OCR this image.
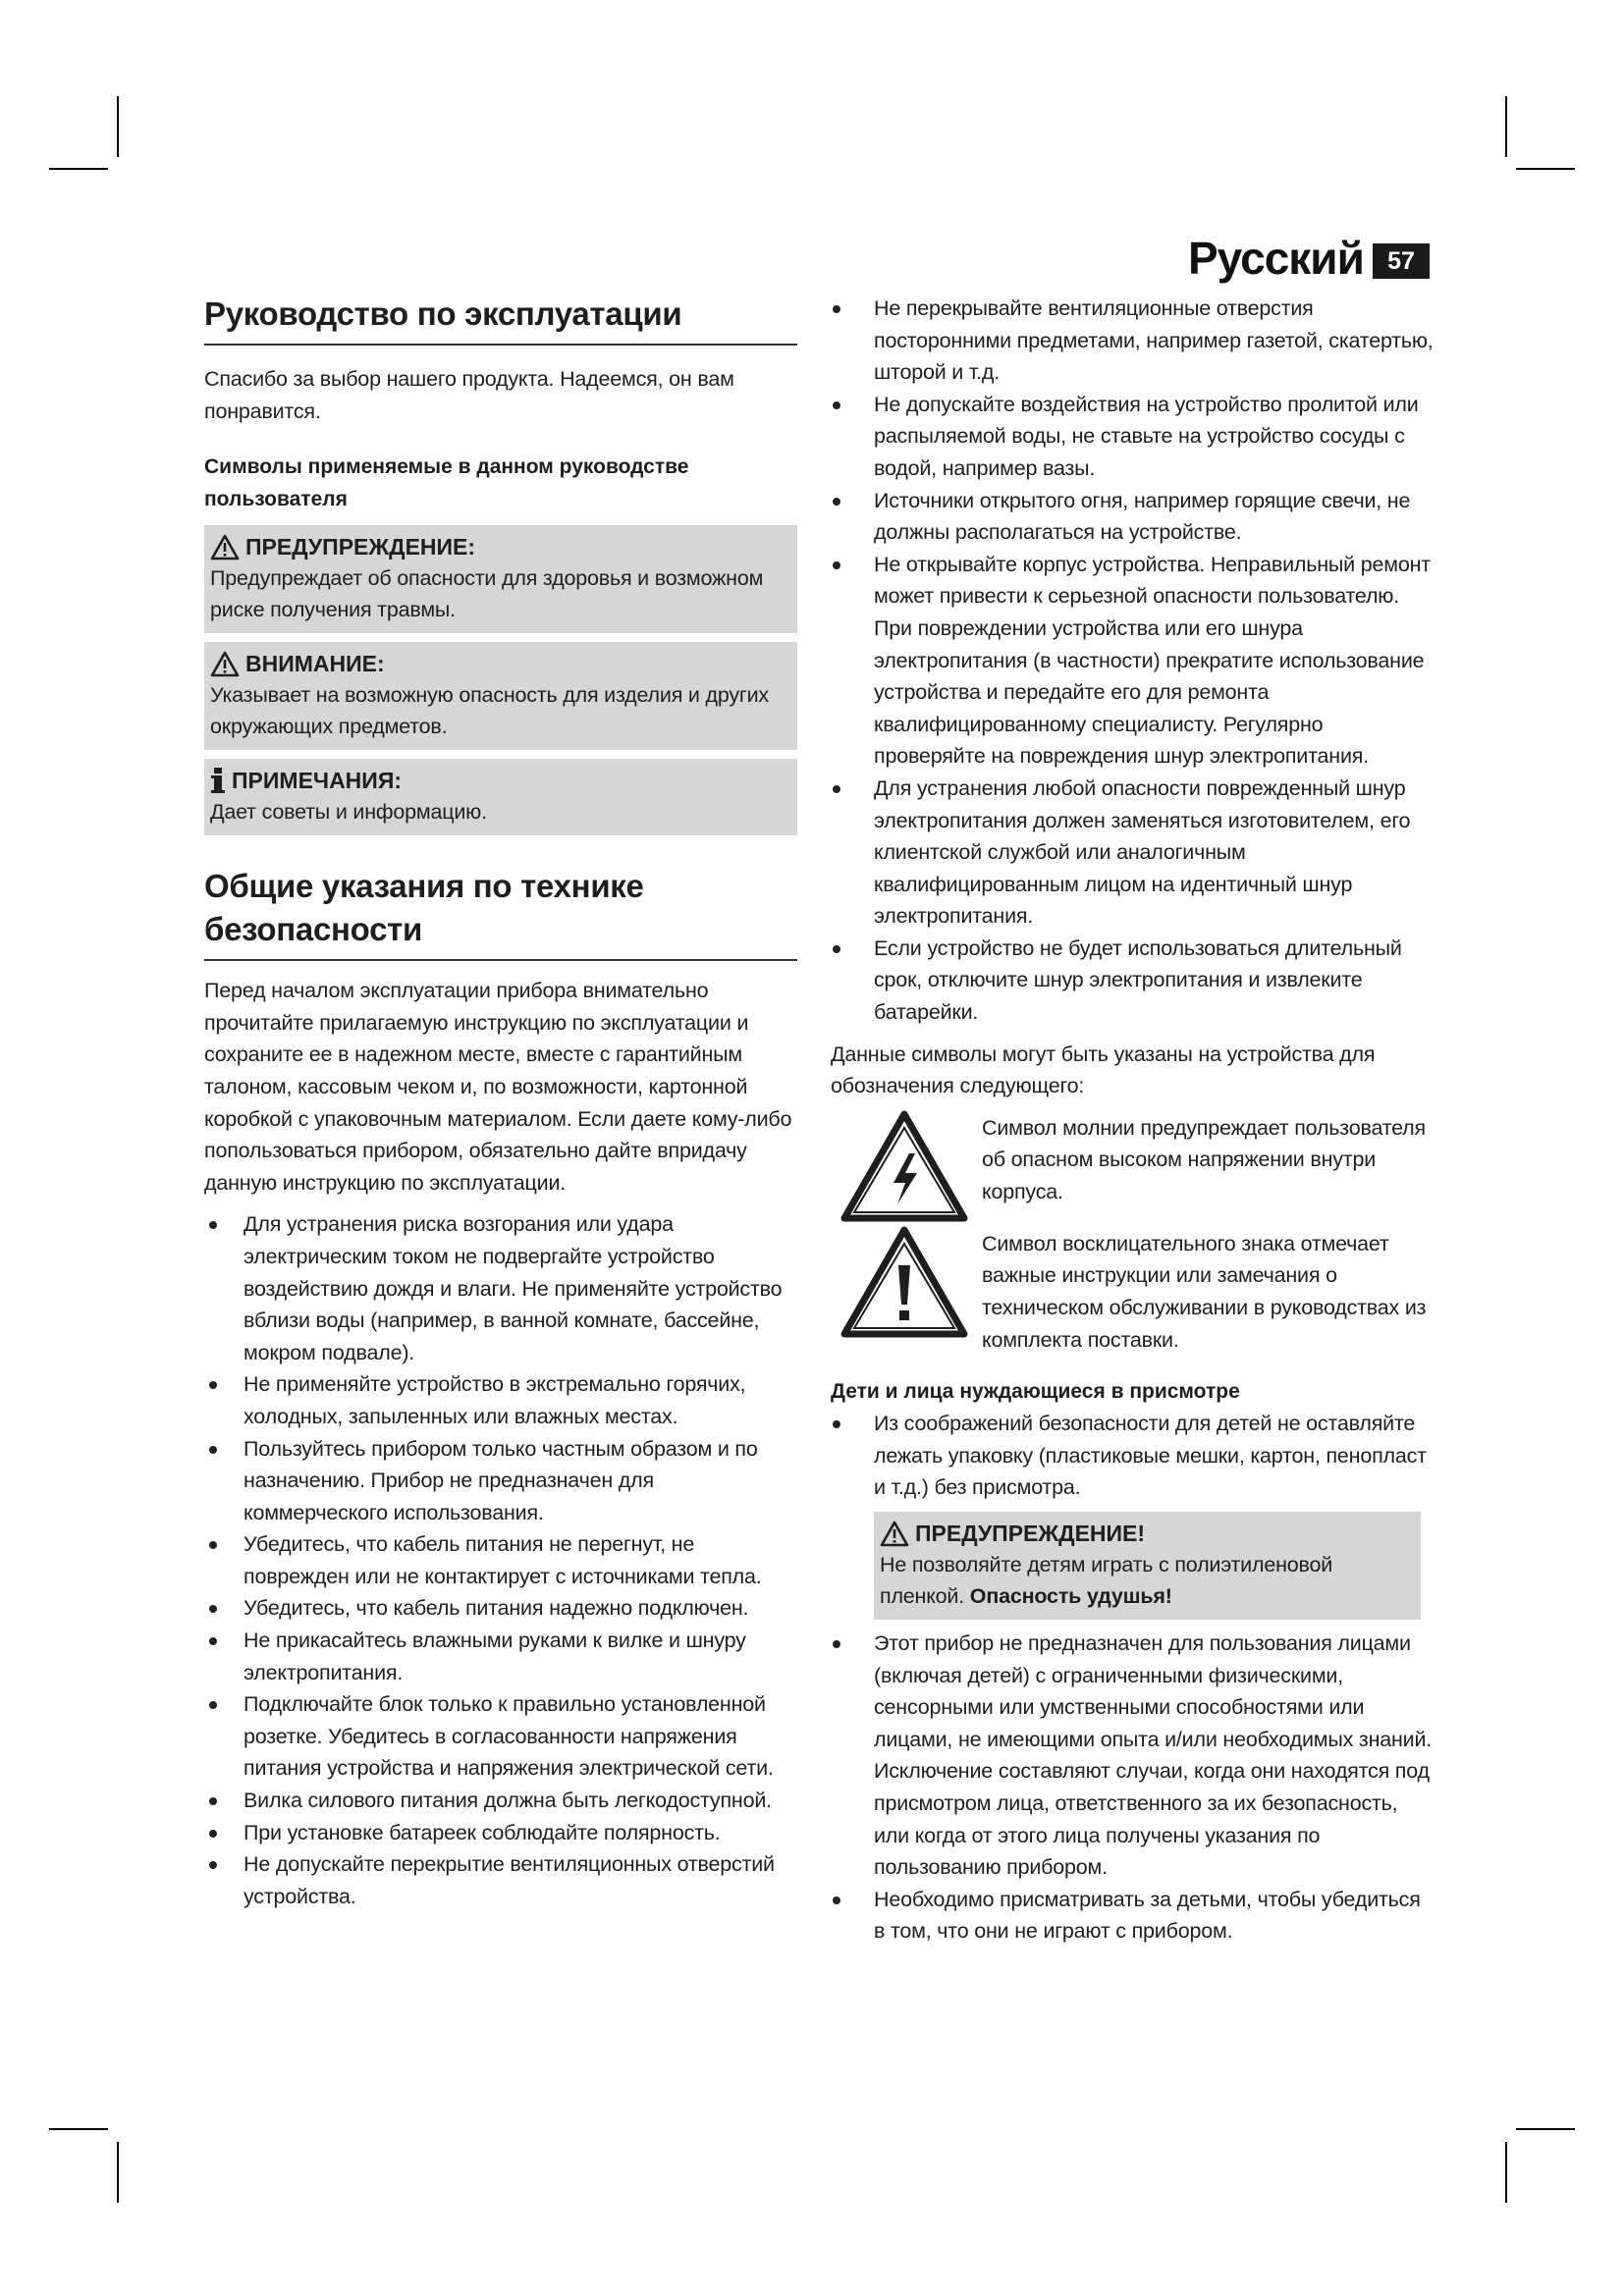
Русский 57
Руководство по эксплуатации

Спасибо за выбор нашего продукта. Надеемся, он вам понравится.

Символы применяемые в данном руководстве пользователя
ПРЕДУПРЕЖДЕНИЕ:

Предупреждает об опасности для здоровья и возможном риске получения травмы.

ВНИМАНИЕ:

Указывает на возможную опасность для изделия и других окружающих предметов.

ПРИМЕЧАНИЯ:

Дает советы и информацию.

Общие указания по технике безопасности

Перед началом эксплуатации прибора внимательно прочитайте прилагаемую инструкцию по эксплуатации и сохраните ее в надежном месте, вместе с гарантийным талоном, кассовым чеком и, по возможности, картонной коробкой с упаковочным материалом. Если даете кому-либо попользоваться прибором, обязательно дайте впридачу данную инструкцию по эксплуатации.

Для устранения риска возгорания или удара электрическим током не подвергайте устройство воздействию дождя и влаги. Не применяйте устройство вблизи воды (например, в ванной комнате, бассейне, мокром подвале).

Не применяйте устройство в экстремально горячих, холодных, запыленных или влажных местах.

Пользуйтесь прибором только частным образом и по назначению. Прибор не предназначен для коммерческого использования.

Убедитесь, что кабель питания не перегнут, не поврежден или не контактирует с источниками тепла.

Убедитесь, что кабель питания надежно подключен.

Не прикасайтесь влажными руками к вилке и шнуру электропитания.

Подключайте блок только к правильно установленной розетке. Убедитесь в согласованности напряжения питания устройства и напряжения электрической сети.

Вилка силового питания должна быть легкодоступной.

При установке батареек соблюдайте полярность.

Не допускайте перекрытие вентиляционных отверстий устройства.

Не перекрывайте вентиляционные отверстия посторонними предметами, например газетой, скатертью, шторой и т.д.

Не допускайте воздействия на устройство пролитой или распыляемой воды, не ставьте на устройство сосуды с водой, например вазы.

Источники открытого огня, например горящие свечи, не должны располагаться на устройстве.

Не открывайте корпус устройства. Неправильный ремонт может привести к серьезной опасности пользователю. При повреждении устройства или его шнура электропитания (в частности) прекратите использование устройства и передайте его для ремонта квалифицированному специалисту. Регулярно проверяйте на повреждения шнур электропитания.

Для устранения любой опасности поврежденный шнур электропитания должен заменяться изготовителем, его клиентской службой или аналогичным квалифицированным лицом на идентичный шнур электропитания.

Если устройство не будет использоваться длительный срок, отключите шнур электропитания и извлеките батарейки.

Данные символы могут быть указаны на устройства для обозначения следующего:

Символ молнии предупреждает пользователя об опасном высоком напряжении внутри корпуса.

Символ восклицательного знака отмечает важные инструкции или замечания о техническом обслуживании в руководствах из комплекта поставки.

Дети и лица нуждающиеся в присмотре

Из соображений безопасности для детей не оставляйте лежать упаковку (пластиковые мешки, картон, пенопласт и т.д.) без присмотра.

ПРЕДУПРЕЖДЕНИЕ!

Не позволяйте детям играть с полиэтиленовой пленкой. Опасность удушья!

Этот прибор не предназначен для пользования лицами (включая детей) с ограниченными физическими, сенсорными или умственными способностями или лицами, не имеющими опыта и/или необходимых знаний. Исключение составляют случаи, когда они находятся под присмотром лица, ответственного за их безопасность, или когда от этого лица получены указания по пользованию прибором.

Необходимо присматривать за детьми, чтобы убедиться в том, что они не играют с прибором.
